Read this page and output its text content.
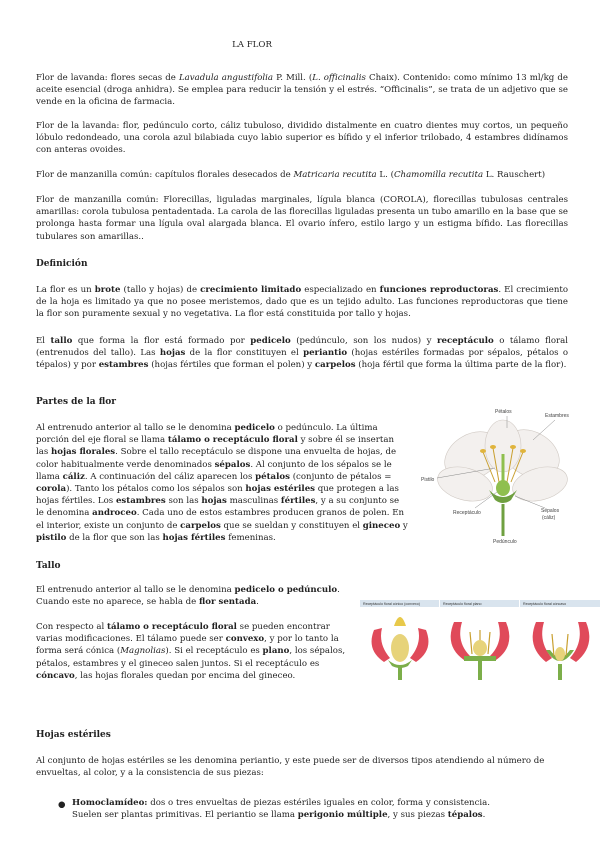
LA FLOR

Flor de lavanda: flores secas de Lavadula angustifolia P. Mill. (L. officinalis Chaix). Contenido: como mínimo 13 ml/kg de aceite esencial (droga anhidra). Se emplea para reducir la tensión y el estrés. “Officinalis”, se trata de un adjetivo que se vende en la oficina de farmacia.

Flor de la lavanda: flor, pedúnculo corto, cáliz tubuloso, dividido distalmente en cuatro dientes muy cortos, un pequeño lóbulo redondeado, una corola azul bilabiada cuyo labio superior es bífido y el inferior trilobado, 4 estambres didínamos con anteras ovoides.

Flor de manzanilla común: capítulos florales desecados de Matricaria recutita L. (Chamomilla recutita L. Rauschert)

Flor de manzanilla común: Florecillas, liguladas marginales, lígula blanca (COROLA), florecillas tubulosas centrales amarillas: corola tubulosa pentadentada. La carola de las florecillas liguladas presenta un tubo amarillo en la base que se prolonga hasta formar una lígula oval alargada blanca. El ovario ínfero, estilo largo y un estigma bífido. Las florecillas tubulares son amarillas..

Definición

La flor es un brote (tallo y hojas) de crecimiento limitado especializado en funciones reproductoras. El crecimiento de la hoja es limitado ya que no posee meristemos, dado que es un tejido adulto. Las funciones reproductoras que tiene la flor son puramente sexual y no vegetativa. La flor está constituida por tallo y hojas.

El tallo que forma la flor está formado por pedicelo (pedúnculo, son los nudos) y receptáculo o tálamo floral (entrenudos del tallo). Las hojas de la flor constituyen el periantio (hojas estériles formadas por sépalos, pétalos o tépalos) y por estambres (hojas fértiles que forman el polen) y carpelos (hoja fértil que forma la última parte de la flor).

Partes de la flor

Al entrenudo anterior al tallo se le denomina pedicelo o pedúnculo. La última porción del eje floral se llama tálamo o receptáculo floral y sobre él se insertan las hojas florales. Sobre el tallo receptáculo se dispone una envuelta de hojas, de color habitualmente verde denominados sépalos. Al conjunto de los sépalos se le llama cáliz. A continuación del cáliz aparecen los pétalos (conjunto de pétalos = corola). Tanto los pétalos como los sépalos son hojas estériles que protegen a las hojas fértiles. Los estambres son las hojas masculinas fértiles, y a su conjunto se le denomina androceo. Cada uno de estos estambres producen granos de polen. En el interior, existe un conjunto de carpelos que se sueldan y constituyen el gineceo y pistilo de la flor que son las hojas fértiles femeninas.

Pétalos
Estambres
Pistilo
Receptáculo	Sépalos
(cáliz)
Pedúnculo
Tallo

El entrenudo anterior al tallo se le denomina pedicelo o pedúnculo. Cuando este no aparece, se habla de flor sentada.

Con respecto al tálamo o receptáculo floral se pueden encontrar varias modificaciones. El tálamo puede ser convexo, y por lo tanto la forma será cónica (Magnolias). Si el receptáculo es plano, los sépalos, pétalos, estambres y el gineceo salen juntos. Si el receptáculo es cóncavo, las hojas florales quedan por encima del gineceo.

Receptáculo floral cónico (convexo)	Receptáculo floral plano	Receptáculo floral cóncavo
Hojas estériles

Al conjunto de hojas estériles se les denomina periantio, y este puede ser de diversos tipos atendiendo al número de envueltas, al color, y a la consistencia de sus piezas:

● Homoclamídeo: dos o tres envueltas de piezas estériles iguales en color, forma y consistencia. Suelen ser plantas primitivas. El periantio se llama perigonio múltiple, y sus piezas tépalos.
